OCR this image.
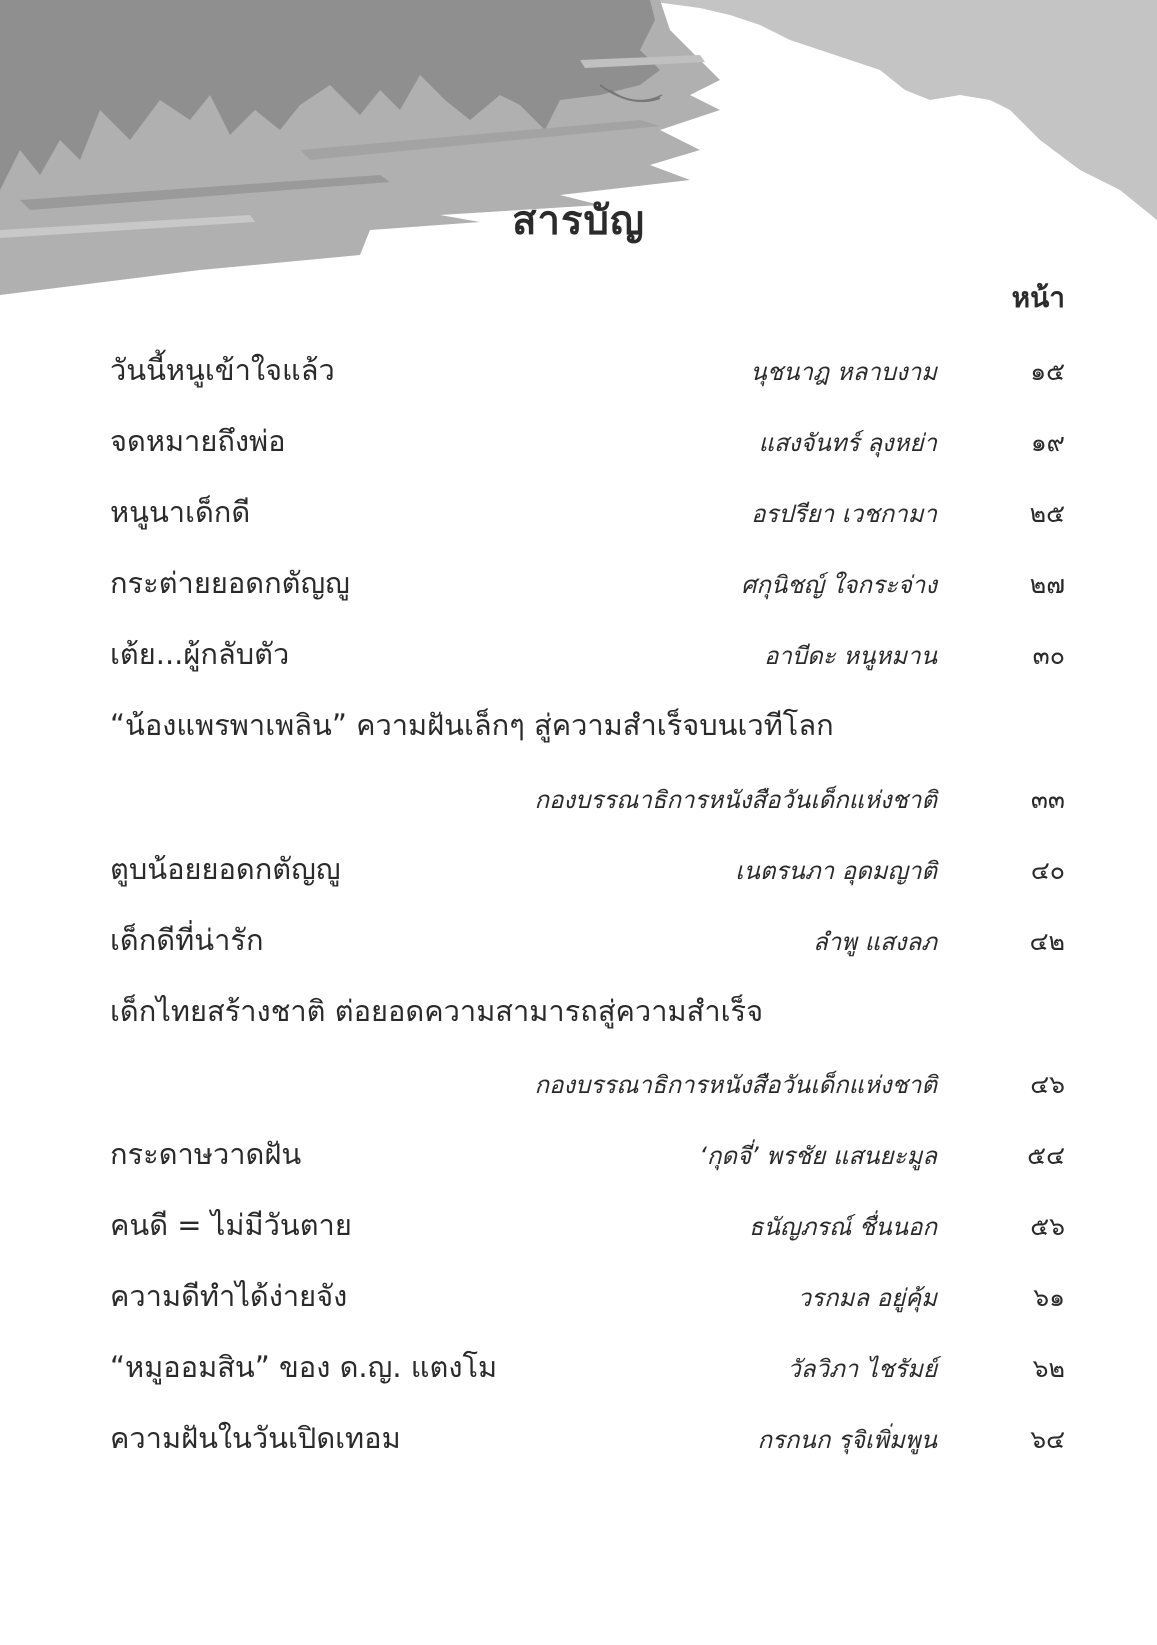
สารบัญ
หน้า
วันนี้หนูเข้าใจแล้ว	นุชนาฎ หลาบงาม	๑๕
จดหมายถึงพ่อ	แสงจันทร์ ลุงหย่า	๑๙
หนูนาเด็กดี	อรปรียา เวชกามา	๒๕
กระต่ายยอดกตัญญู	ศกุนิชญ์ ใจกระจ่าง	๒๗
เต้ย...ผู้กลับตัว	อาบีดะ หนูหมาน	๓๐
“น้องแพรพาเพลิน” ความฝันเล็กๆ สู่ความสำเร็จบนเวทีโลก
กองบรรณาธิการหนังสือวันเด็กแห่งชาติ	๓๓
ตูบน้อยยอดกตัญญู	เนตรนภา อุดมญาติ	๔๐
เด็กดีที่น่ารัก	ลำพู แสงลภ	๔๒
เด็กไทยสร้างชาติ ต่อยอดความสามารถสู่ความสำเร็จ
กองบรรณาธิการหนังสือวันเด็กแห่งชาติ	๔๖
กระดาษวาดฝัน	‘กุดจี่’ พรชัย แสนยะมูล	๕๔
คนดี = ไม่มีวันตาย	ธนัญภรณ์ ชื่นนอก	๕๖
ความดีทำได้ง่ายจัง	วรกมล อยู่คุ้ม	๖๑
“หมูออมสิน” ของ ด.ญ. แตงโม	วัลวิภา ไชรัมย์	๖๒
ความฝันในวันเปิดเทอม	กรกนก รุจิเพิ่มพูน	๖๔
